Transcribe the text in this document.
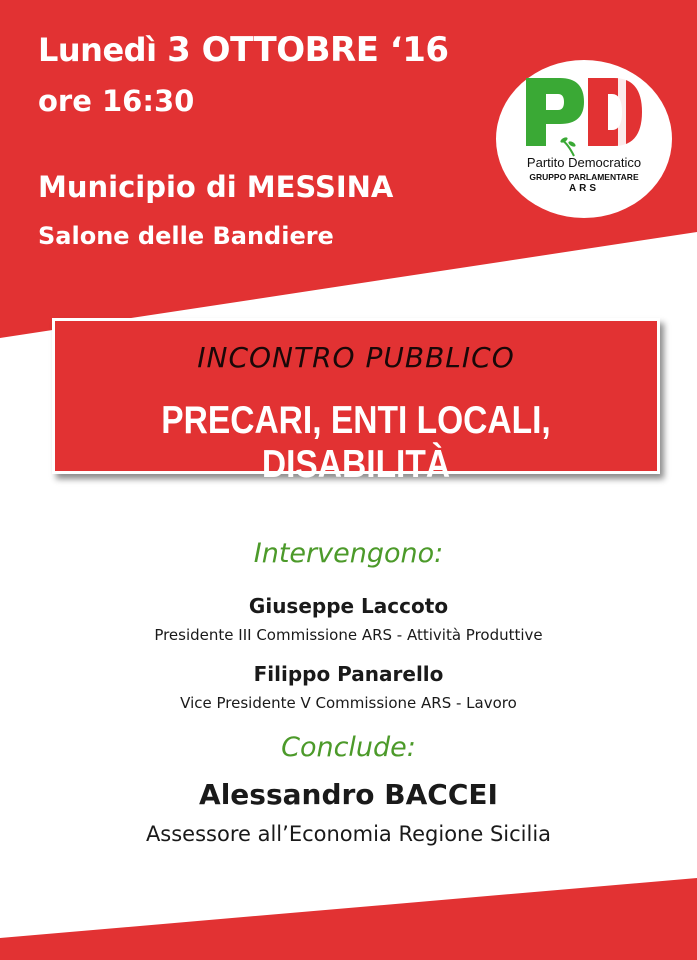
Lunedì 3 OTTOBRE ‘16
ore 16:30
Municipio di MESSINA
Salone delle Bandiere
Partito Democratico
GRUPPO PARLAMENTARE
ARS
INCONTRO PUBBLICO
PRECARI, ENTI LOCALI, DISABILITÀ
Intervengono:
Giuseppe Laccoto
Presidente III Commissione ARS - Attività Produttive
Filippo Panarello
Vice Presidente V Commissione ARS - Lavoro
Conclude:
Alessandro BACCEI
Assessore all’Economia Regione Sicilia
